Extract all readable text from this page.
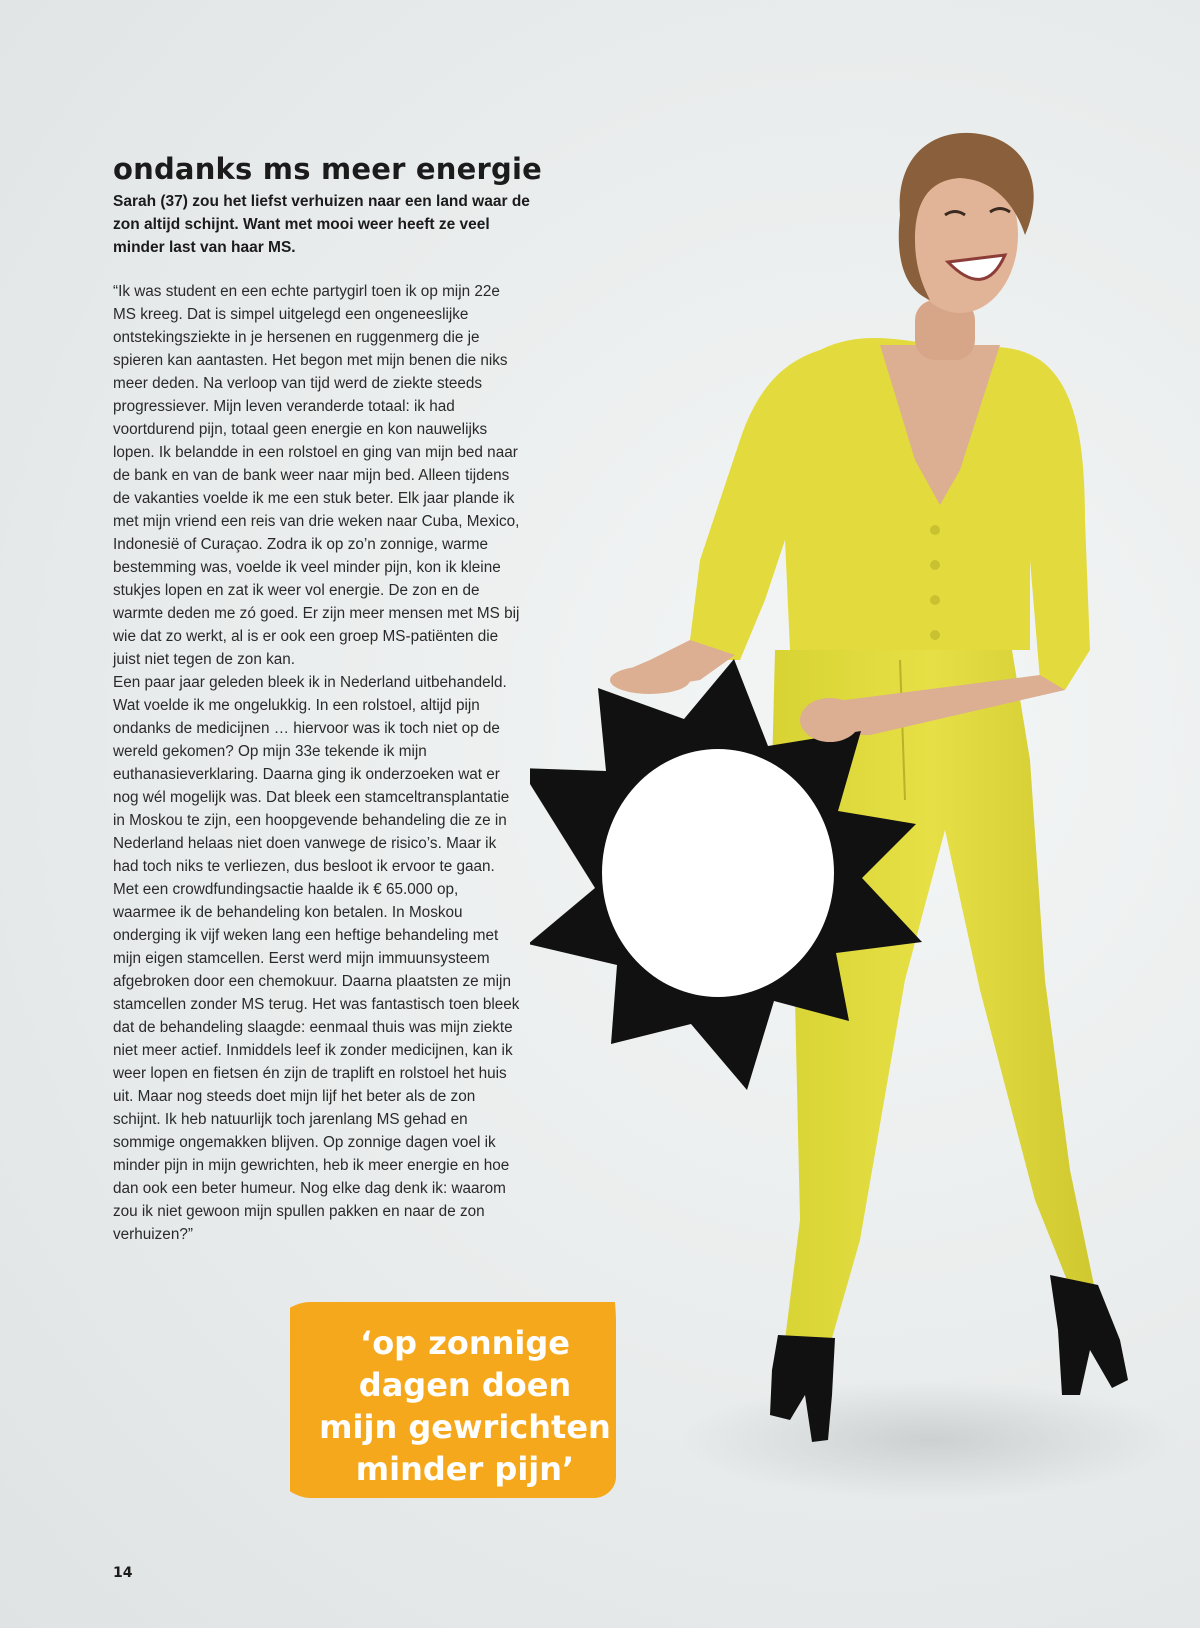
ondanks ms meer energie

Sarah (37) zou het liefst verhuizen naar een land waar de zon altijd schijnt. Want met mooi weer heeft ze veel minder last van haar MS.

“Ik was student en een echte partygirl toen ik op mijn 22e MS kreeg. Dat is simpel uitgelegd een ongeneeslijke ontstekingsziekte in je hersenen en ruggenmerg die je spieren kan aantasten. Het begon met mijn benen die niks meer deden. Na verloop van tijd werd de ziekte steeds progressiever. Mijn leven veranderde totaal: ik had voortdurend pijn, totaal geen energie en kon nauwelijks lopen. Ik belandde in een rolstoel en ging van mijn bed naar de bank en van de bank weer naar mijn bed. Alleen tijdens de vakanties voelde ik me een stuk beter. Elk jaar plande ik met mijn vriend een reis van drie weken naar Cuba, Mexico, Indonesië of Curaçao. Zodra ik op zo’n zonnige, warme bestemming was, voelde ik veel minder pijn, kon ik kleine stukjes lopen en zat ik weer vol energie. De zon en de warmte deden me zó goed. Er zijn meer mensen met MS bij wie dat zo werkt, al is er ook een groep MS-patiënten die juist niet tegen de zon kan.

Een paar jaar geleden bleek ik in Nederland uitbehandeld. Wat voelde ik me ongelukkig. In een rolstoel, altijd pijn ondanks de medicijnen … hiervoor was ik toch niet op de wereld gekomen? Op mijn 33e tekende ik mijn euthanasieverklaring. Daarna ging ik onderzoeken wat er nog wél mogelijk was. Dat bleek een stamceltransplantatie in Moskou te zijn, een hoopgevende behandeling die ze in Nederland helaas niet doen vanwege de risico’s. Maar ik had toch niks te verliezen, dus besloot ik ervoor te gaan. Met een crowdfundingsactie haalde ik € 65.000 op, waarmee ik de behandeling kon betalen. In Moskou onderging ik vijf weken lang een heftige behandeling met mijn eigen stamcellen. Eerst werd mijn immuunsysteem afgebroken door een chemokuur. Daarna plaatsten ze mijn stamcellen zonder MS terug. Het was fantastisch toen bleek dat de behandeling slaagde: eenmaal thuis was mijn ziekte niet meer actief. Inmiddels leef ik zonder medicijnen, kan ik weer lopen en fietsen én zijn de traplift en rolstoel het huis uit. Maar nog steeds doet mijn lijf het beter als de zon schijnt. Ik heb natuurlijk toch jarenlang MS gehad en sommige ongemakken blijven. Op zonnige dagen voel ik minder pijn in mijn gewrichten, heb ik meer energie en hoe dan ook een beter humeur. Nog elke dag denk ik: waarom zou ik niet gewoon mijn spullen pakken en naar de zon verhuizen?”

‘op zonnige
dagen doen
mijn gewrichten
minder pijn’
14
